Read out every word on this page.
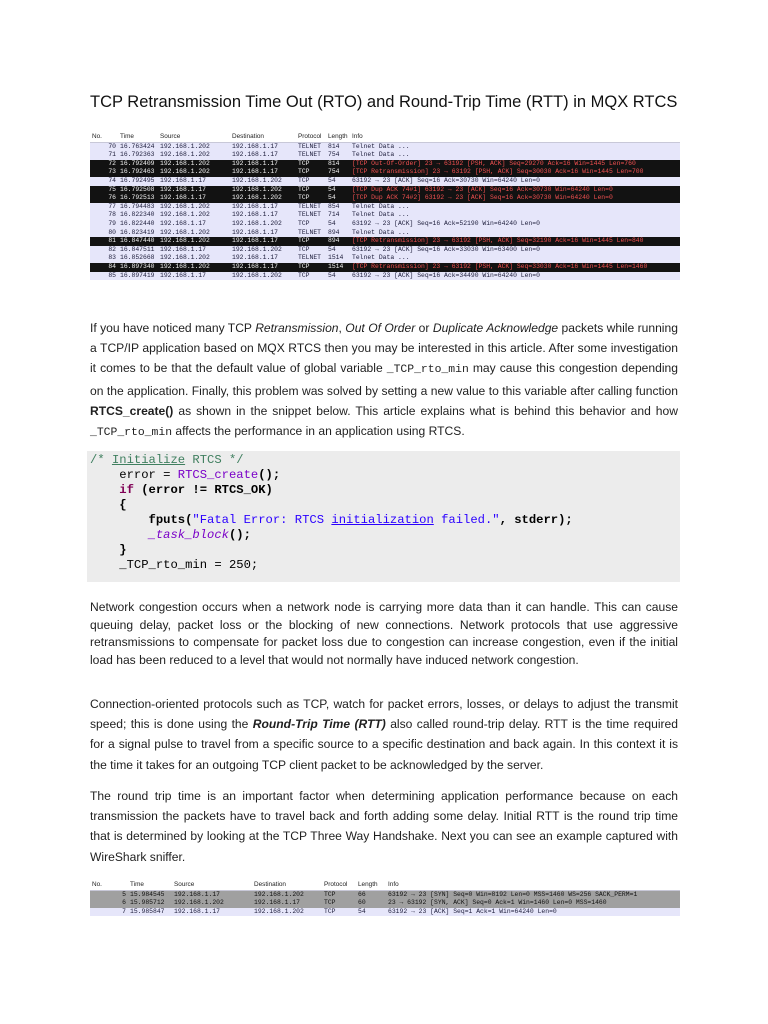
TCP Retransmission Time Out (RTO) and Round-Trip Time (RTT) in MQX RTCS
No.	Time	Source	Destination	Protocol	Length	Info
70	16.763424	192.168.1.202	192.168.1.17	TELNET	814	Telnet Data ...
71	16.792363	192.168.1.202	192.168.1.17	TELNET	754	Telnet Data ...
72	16.792409	192.168.1.202	192.168.1.17	TCP	814	[TCP Out-Of-Order] 23 → 63192 [PSH, ACK] Seq=29270 Ack=16 Win=1445 Len=760
73	16.792463	192.168.1.202	192.168.1.17	TCP	754	[TCP Retransmission] 23 → 63192 [PSH, ACK] Seq=30030 Ack=16 Win=1445 Len=700
74	16.792495	192.168.1.17	192.168.1.202	TCP	54	63192 → 23 [ACK] Seq=16 Ack=30730 Win=64240 Len=0
75	16.792508	192.168.1.17	192.168.1.202	TCP	54	[TCP Dup ACK 74#1] 63192 → 23 [ACK] Seq=16 Ack=30730 Win=64240 Len=0
76	16.792513	192.168.1.17	192.168.1.202	TCP	54	[TCP Dup ACK 74#2] 63192 → 23 [ACK] Seq=16 Ack=30730 Win=64240 Len=0
77	16.794483	192.168.1.202	192.168.1.17	TELNET	854	Telnet Data ...
78	16.822340	192.168.1.202	192.168.1.17	TELNET	714	Telnet Data ...
79	16.822440	192.168.1.17	192.168.1.202	TCP	54	63192 → 23 [ACK] Seq=16 Ack=52190 Win=64240 Len=0
80	16.823419	192.168.1.202	192.168.1.17	TELNET	894	Telnet Data ...
81	16.847440	192.168.1.202	192.168.1.17	TCP	894	[TCP Retransmission] 23 → 63192 [PSH, ACK] Seq=32190 Ack=16 Win=1445 Len=840
82	16.847511	192.168.1.17	192.168.1.202	TCP	54	63192 → 23 [ACK] Seq=16 Ack=33030 Win=63400 Len=0
83	16.852668	192.168.1.202	192.168.1.17	TELNET	1514	Telnet Data ...
84	16.897340	192.168.1.202	192.168.1.17	TCP	1514	[TCP Retransmission] 23 → 63192 [PSH, ACK] Seq=33030 Ack=16 Win=1445 Len=1460
85	16.897419	192.168.1.17	192.168.1.202	TCP	54	63192 → 23 [ACK] Seq=16 Ack=34490 Win=64240 Len=0

If you have noticed many TCP Retransmission, Out Of Order or Duplicate Acknowledge packets while running a TCP/IP application based on MQX RTCS then you may be interested in this article. After some investigation it comes to be that the default value of global variable _TCP_rto_min may cause this congestion depending on the application. Finally, this problem was solved by setting a new value to this variable after calling function RTCS_create() as shown in the snippet below. This article explains what is behind this behavior and how _TCP_rto_min affects the performance in an application using RTCS.

/* Initialize RTCS */
error = RTCS_create();
if (error != RTCS_OK)
{
fputs("Fatal Error: RTCS initialization failed.", stderr);
_task_block();
}
_TCP_rto_min = 250;

Network congestion occurs when a network node is carrying more data than it can handle. This can cause queuing delay, packet loss or the blocking of new connections. Network protocols that use aggressive retransmissions to compensate for packet loss due to congestion can increase congestion, even if the initial load has been reduced to a level that would not normally have induced network congestion.

Connection-oriented protocols such as TCP, watch for packet errors, losses, or delays to adjust the transmit speed; this is done using the Round-Trip Time (RTT) also called round-trip delay. RTT is the time required for a signal pulse to travel from a specific source to a specific destination and back again. In this context it is the time it takes for an outgoing TCP client packet to be acknowledged by the server.

The round trip time is an important factor when determining application performance because on each transmission the packets have to travel back and forth adding some delay. Initial RTT is the round trip time that is determined by looking at the TCP Three Way Handshake. Next you can see an example captured with WireShark sniffer.

No.	Time	Source	Destination	Protocol	Length	Info
5	15.984545	192.168.1.17	192.168.1.202	TCP	66	63192 → 23 [SYN] Seq=0 Win=8192 Len=0 MSS=1460 WS=256 SACK_PERM=1
6	15.985712	192.168.1.202	192.168.1.17	TCP	60	23 → 63192 [SYN, ACK] Seq=0 Ack=1 Win=1460 Len=0 MSS=1460
7	15.985847	192.168.1.17	192.168.1.202	TCP	54	63192 → 23 [ACK] Seq=1 Ack=1 Win=64240 Len=0
